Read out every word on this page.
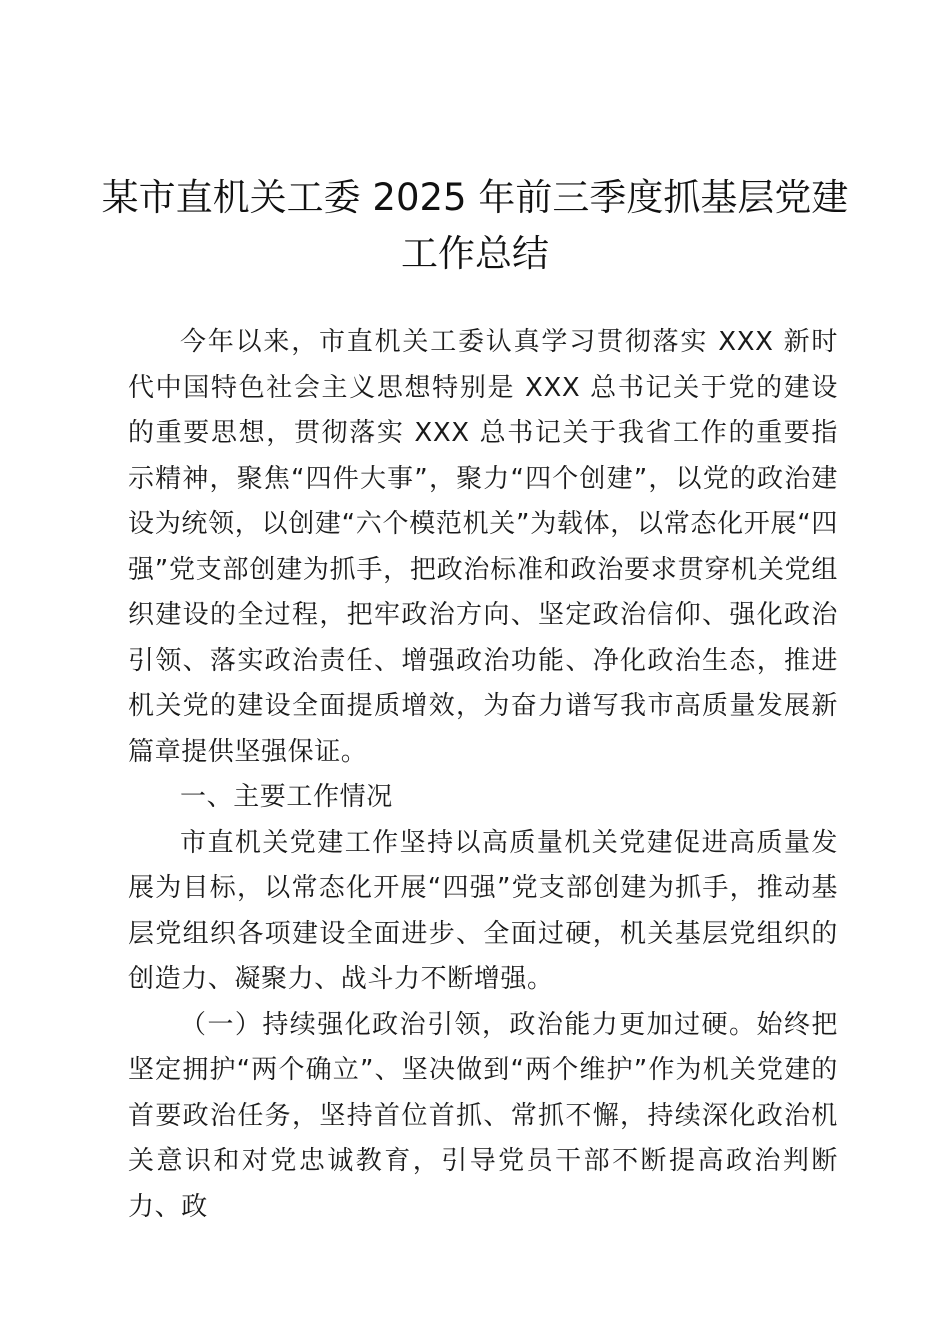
某市直机关工委 2025 年前三季度抓基层党建
工作总结

今年以来，市直机关工委认真学习贯彻落实 XXX 新时代中国特色社会主义思想特别是 XXX 总书记关于党的建设的重要思想，贯彻落实 XXX 总书记关于我省工作的重要指示精神，聚焦“四件大事”，聚力“四个创建”，以党的政治建设为统领，以创建“六个模范机关”为载体，以常态化开展“四强”党支部创建为抓手，把政治标准和政治要求贯穿机关党组织建设的全过程，把牢政治方向、坚定政治信仰、强化政治引领、落实政治责任、增强政治功能、净化政治生态，推进机关党的建设全面提质增效，为奋力谱写我市高质量发展新篇章提供坚强保证。

一、主要工作情况

市直机关党建工作坚持以高质量机关党建促进高质量发展为目标，以常态化开展“四强”党支部创建为抓手，推动基层党组织各项建设全面进步、全面过硬，机关基层党组织的创造力、凝聚力、战斗力不断增强。

（一）持续强化政治引领，政治能力更加过硬。始终把坚定拥护“两个确立”、坚决做到“两个维护”作为机关党建的首要政治任务，坚持首位首抓、常抓不懈，持续深化政治机关意识和对党忠诚教育，引导党员干部不断提高政治判断力、政
